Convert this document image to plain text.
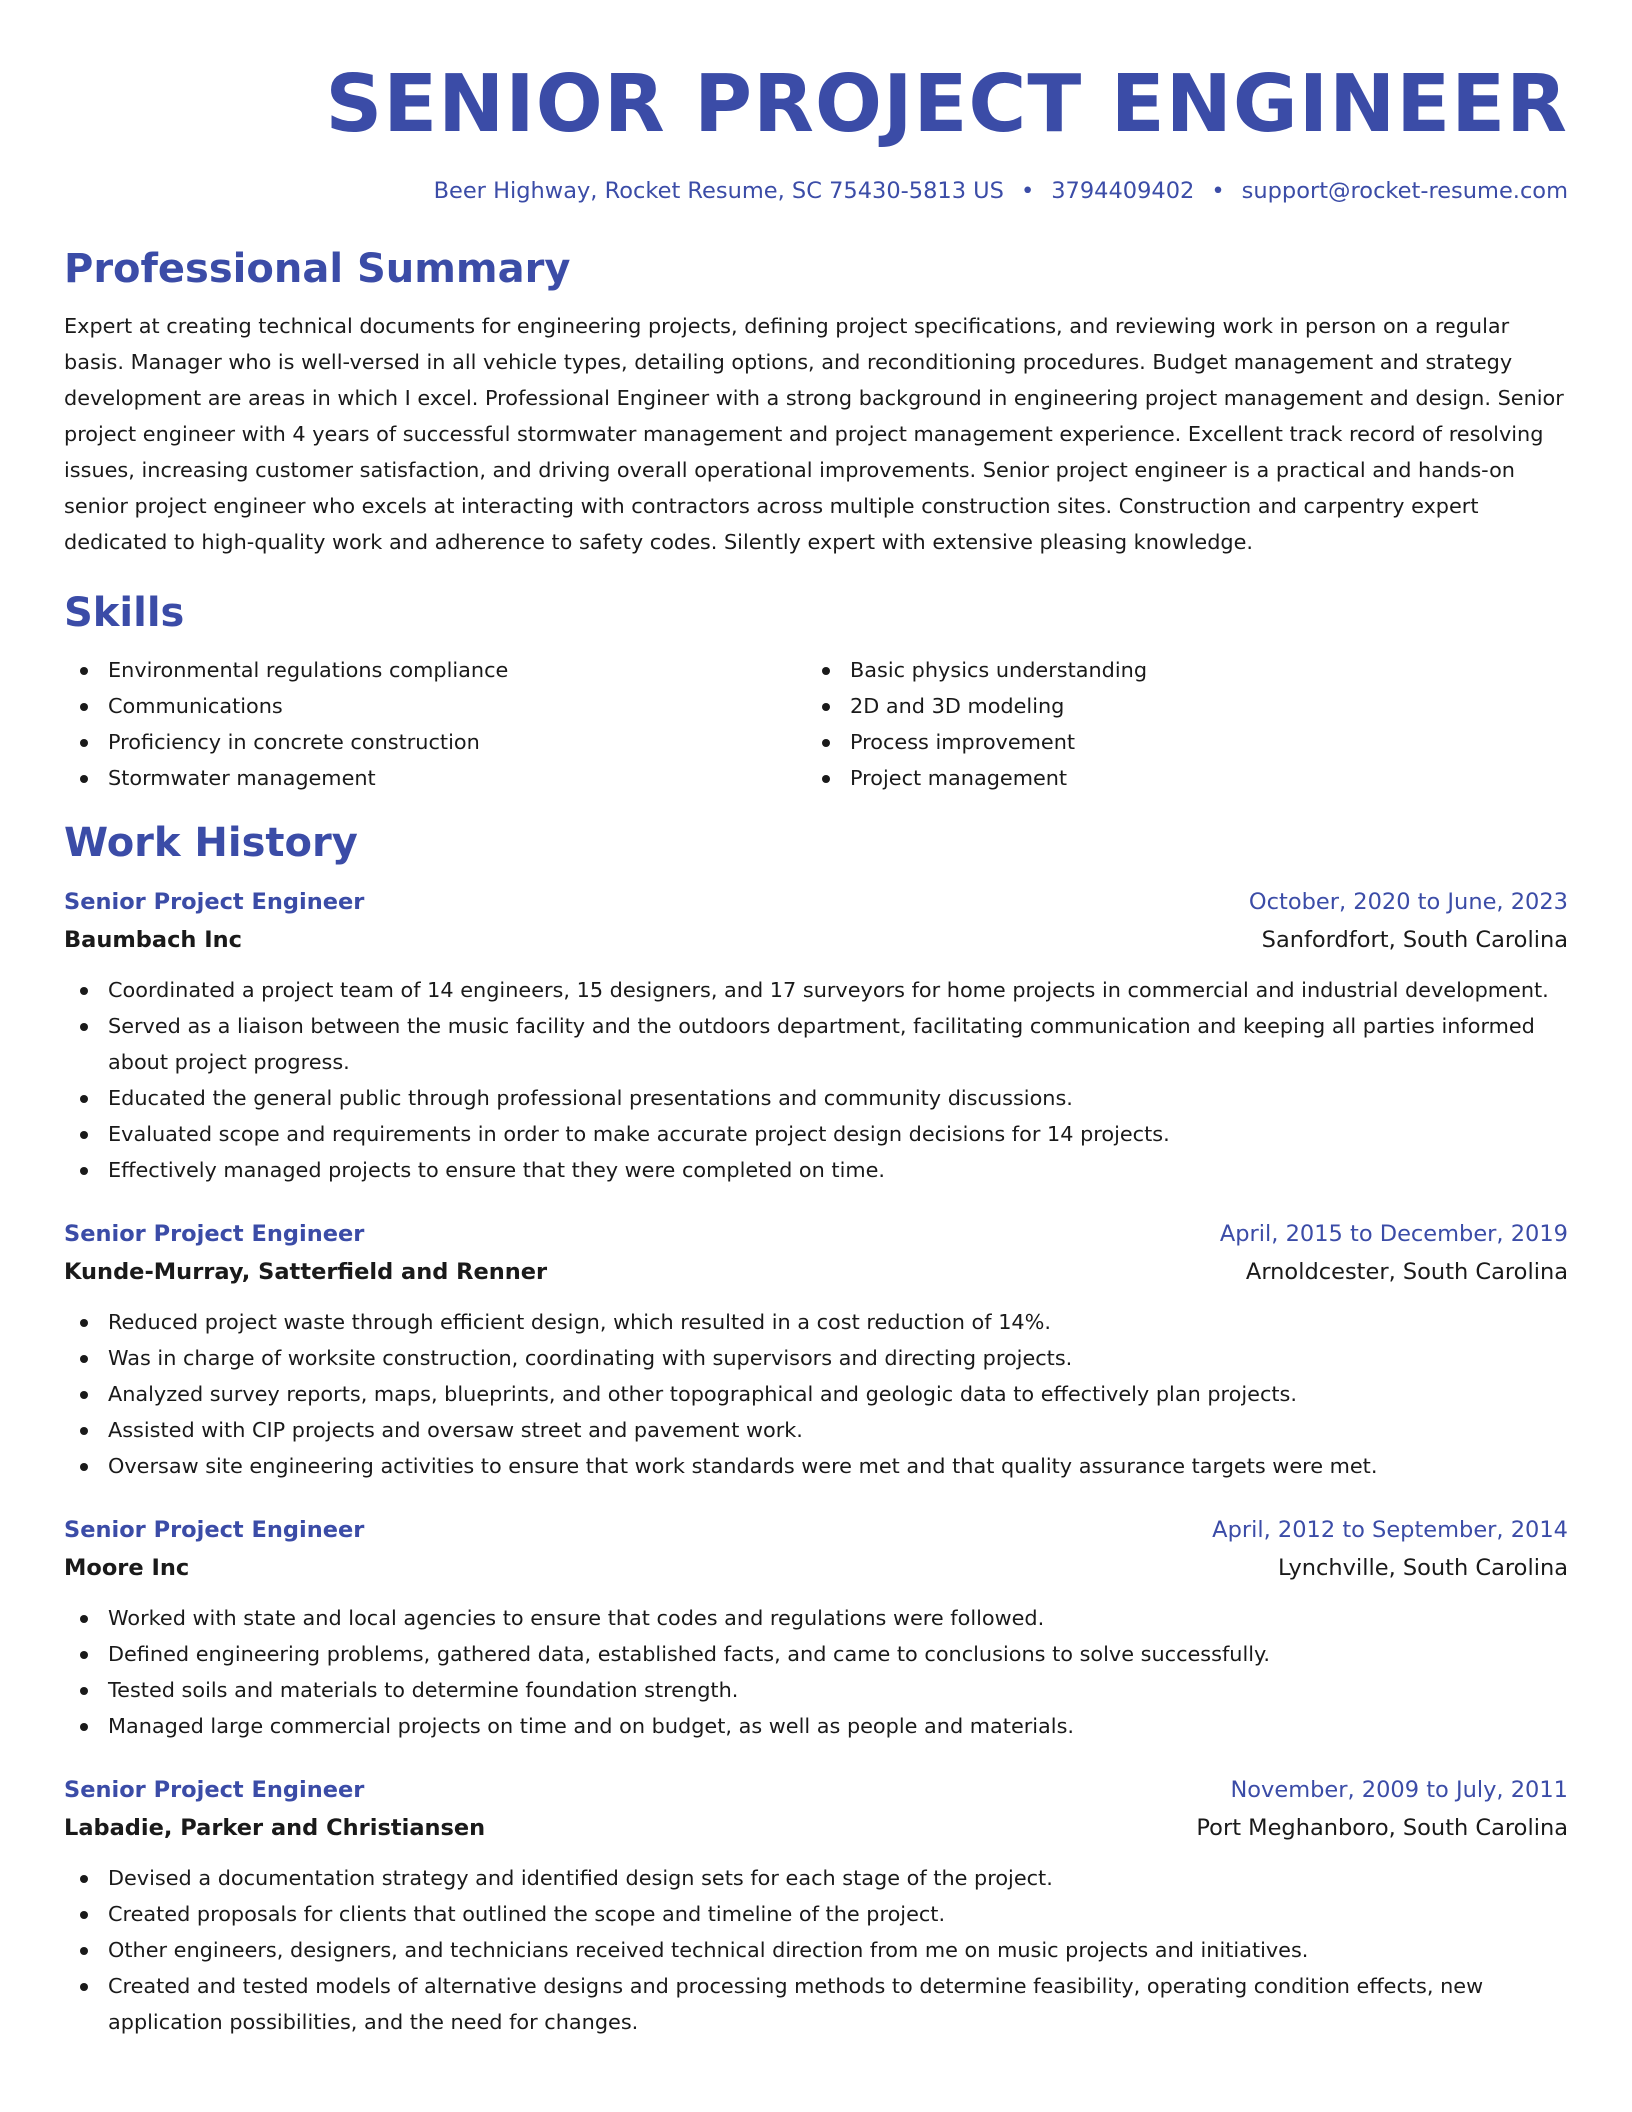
SENIOR PROJECT ENGINEER
Beer Highway, Rocket Resume, SC 75430-5813 US • 3794409402 • support@rocket-resume.com
Professional Summary

Expert at creating technical documents for engineering projects, defining project specifications, and reviewing work in person on a regular basis. Manager who is well-versed in all vehicle types, detailing options, and reconditioning procedures. Budget management and strategy development are areas in which I excel. Professional Engineer with a strong background in engineering project management and design. Senior project engineer with 4 years of successful stormwater management and project management experience. Excellent track record of resolving issues, increasing customer satisfaction, and driving overall operational improvements. Senior project engineer is a practical and hands-on senior project engineer who excels at interacting with contractors across multiple construction sites. Construction and carpentry expert dedicated to high-quality work and adherence to safety codes. Silently expert with extensive pleasing knowledge.

Skills
Environmental regulations compliance
Communications
Proficiency in concrete construction
Stormwater management
Basic physics understanding
2D and 3D modeling
Process improvement
Project management
Work History
Senior Project Engineer	October, 2020 to June, 2023
Baumbach Inc	Sanfordfort, South Carolina
Coordinated a project team of 14 engineers, 15 designers, and 17 surveyors for home projects in commercial and industrial development.
Served as a liaison between the music facility and the outdoors department, facilitating communication and keeping all parties informed about project progress.
Educated the general public through professional presentations and community discussions.
Evaluated scope and requirements in order to make accurate project design decisions for 14 projects.
Effectively managed projects to ensure that they were completed on time.
Senior Project Engineer	April, 2015 to December, 2019
Kunde-Murray, Satterfield and Renner	Arnoldcester, South Carolina
Reduced project waste through efficient design, which resulted in a cost reduction of 14%.
Was in charge of worksite construction, coordinating with supervisors and directing projects.
Analyzed survey reports, maps, blueprints, and other topographical and geologic data to effectively plan projects.
Assisted with CIP projects and oversaw street and pavement work.
Oversaw site engineering activities to ensure that work standards were met and that quality assurance targets were met.
Senior Project Engineer	April, 2012 to September, 2014
Moore Inc	Lynchville, South Carolina
Worked with state and local agencies to ensure that codes and regulations were followed.
Defined engineering problems, gathered data, established facts, and came to conclusions to solve successfully.
Tested soils and materials to determine foundation strength.
Managed large commercial projects on time and on budget, as well as people and materials.
Senior Project Engineer	November, 2009 to July, 2011
Labadie, Parker and Christiansen	Port Meghanboro, South Carolina
Devised a documentation strategy and identified design sets for each stage of the project.
Created proposals for clients that outlined the scope and timeline of the project.
Other engineers, designers, and technicians received technical direction from me on music projects and initiatives.
Created and tested models of alternative designs and processing methods to determine feasibility, operating condition effects, new application possibilities, and the need for changes.
